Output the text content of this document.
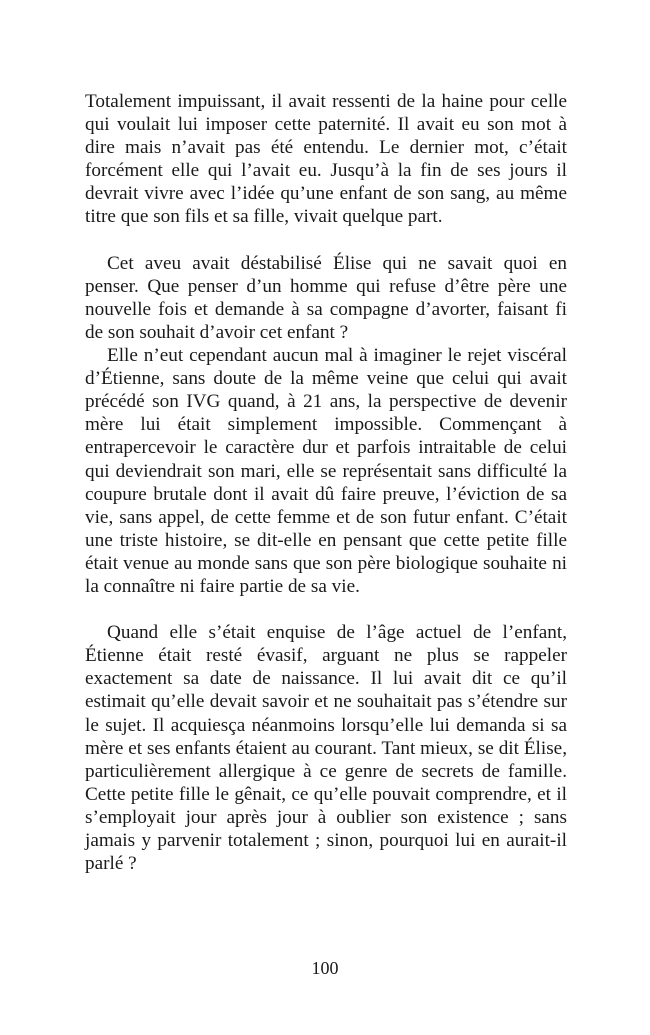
Totalement impuissant, il avait ressenti de la haine pour celle qui voulait lui imposer cette paternité. Il avait eu son mot à dire mais n’avait pas été entendu. Le dernier mot, c’était forcément elle qui l’avait eu. Jusqu’à la fin de ses jours il devrait vivre avec l’idée qu’une enfant de son sang, au même titre que son fils et sa fille, vivait quelque part.

Cet aveu avait déstabilisé Élise qui ne savait quoi en penser. Que penser d’un homme qui refuse d’être père une nouvelle fois et demande à sa compagne d’avorter, faisant fi de son souhait d’avoir cet enfant ?

Elle n’eut cependant aucun mal à imaginer le rejet viscéral d’Étienne, sans doute de la même veine que celui qui avait précédé son IVG quand, à 21 ans, la perspective de devenir mère lui était simplement impossible. Commençant à entrapercevoir le caractère dur et parfois intraitable de celui qui deviendrait son mari, elle se représentait sans difficulté la coupure brutale dont il avait dû faire preuve, l’éviction de sa vie, sans appel, de cette femme et de son futur enfant. C’était une triste histoire, se dit-elle en pensant que cette petite fille était venue au monde sans que son père biologique souhaite ni la connaître ni faire partie de sa vie.

Quand elle s’était enquise de l’âge actuel de l’enfant, Étienne était resté évasif, arguant ne plus se rappeler exactement sa date de naissance. Il lui avait dit ce qu’il estimait qu’elle devait savoir et ne souhaitait pas s’étendre sur le sujet. Il acquiesça néanmoins lorsqu’elle lui demanda si sa mère et ses enfants étaient au courant. Tant mieux, se dit Élise, particulièrement allergique à ce genre de secrets de famille. Cette petite fille le gênait, ce qu’elle pouvait comprendre, et il s’employait jour après jour à oublier son existence ; sans jamais y parvenir totalement ; sinon, pourquoi lui en aurait-il parlé ?

100
